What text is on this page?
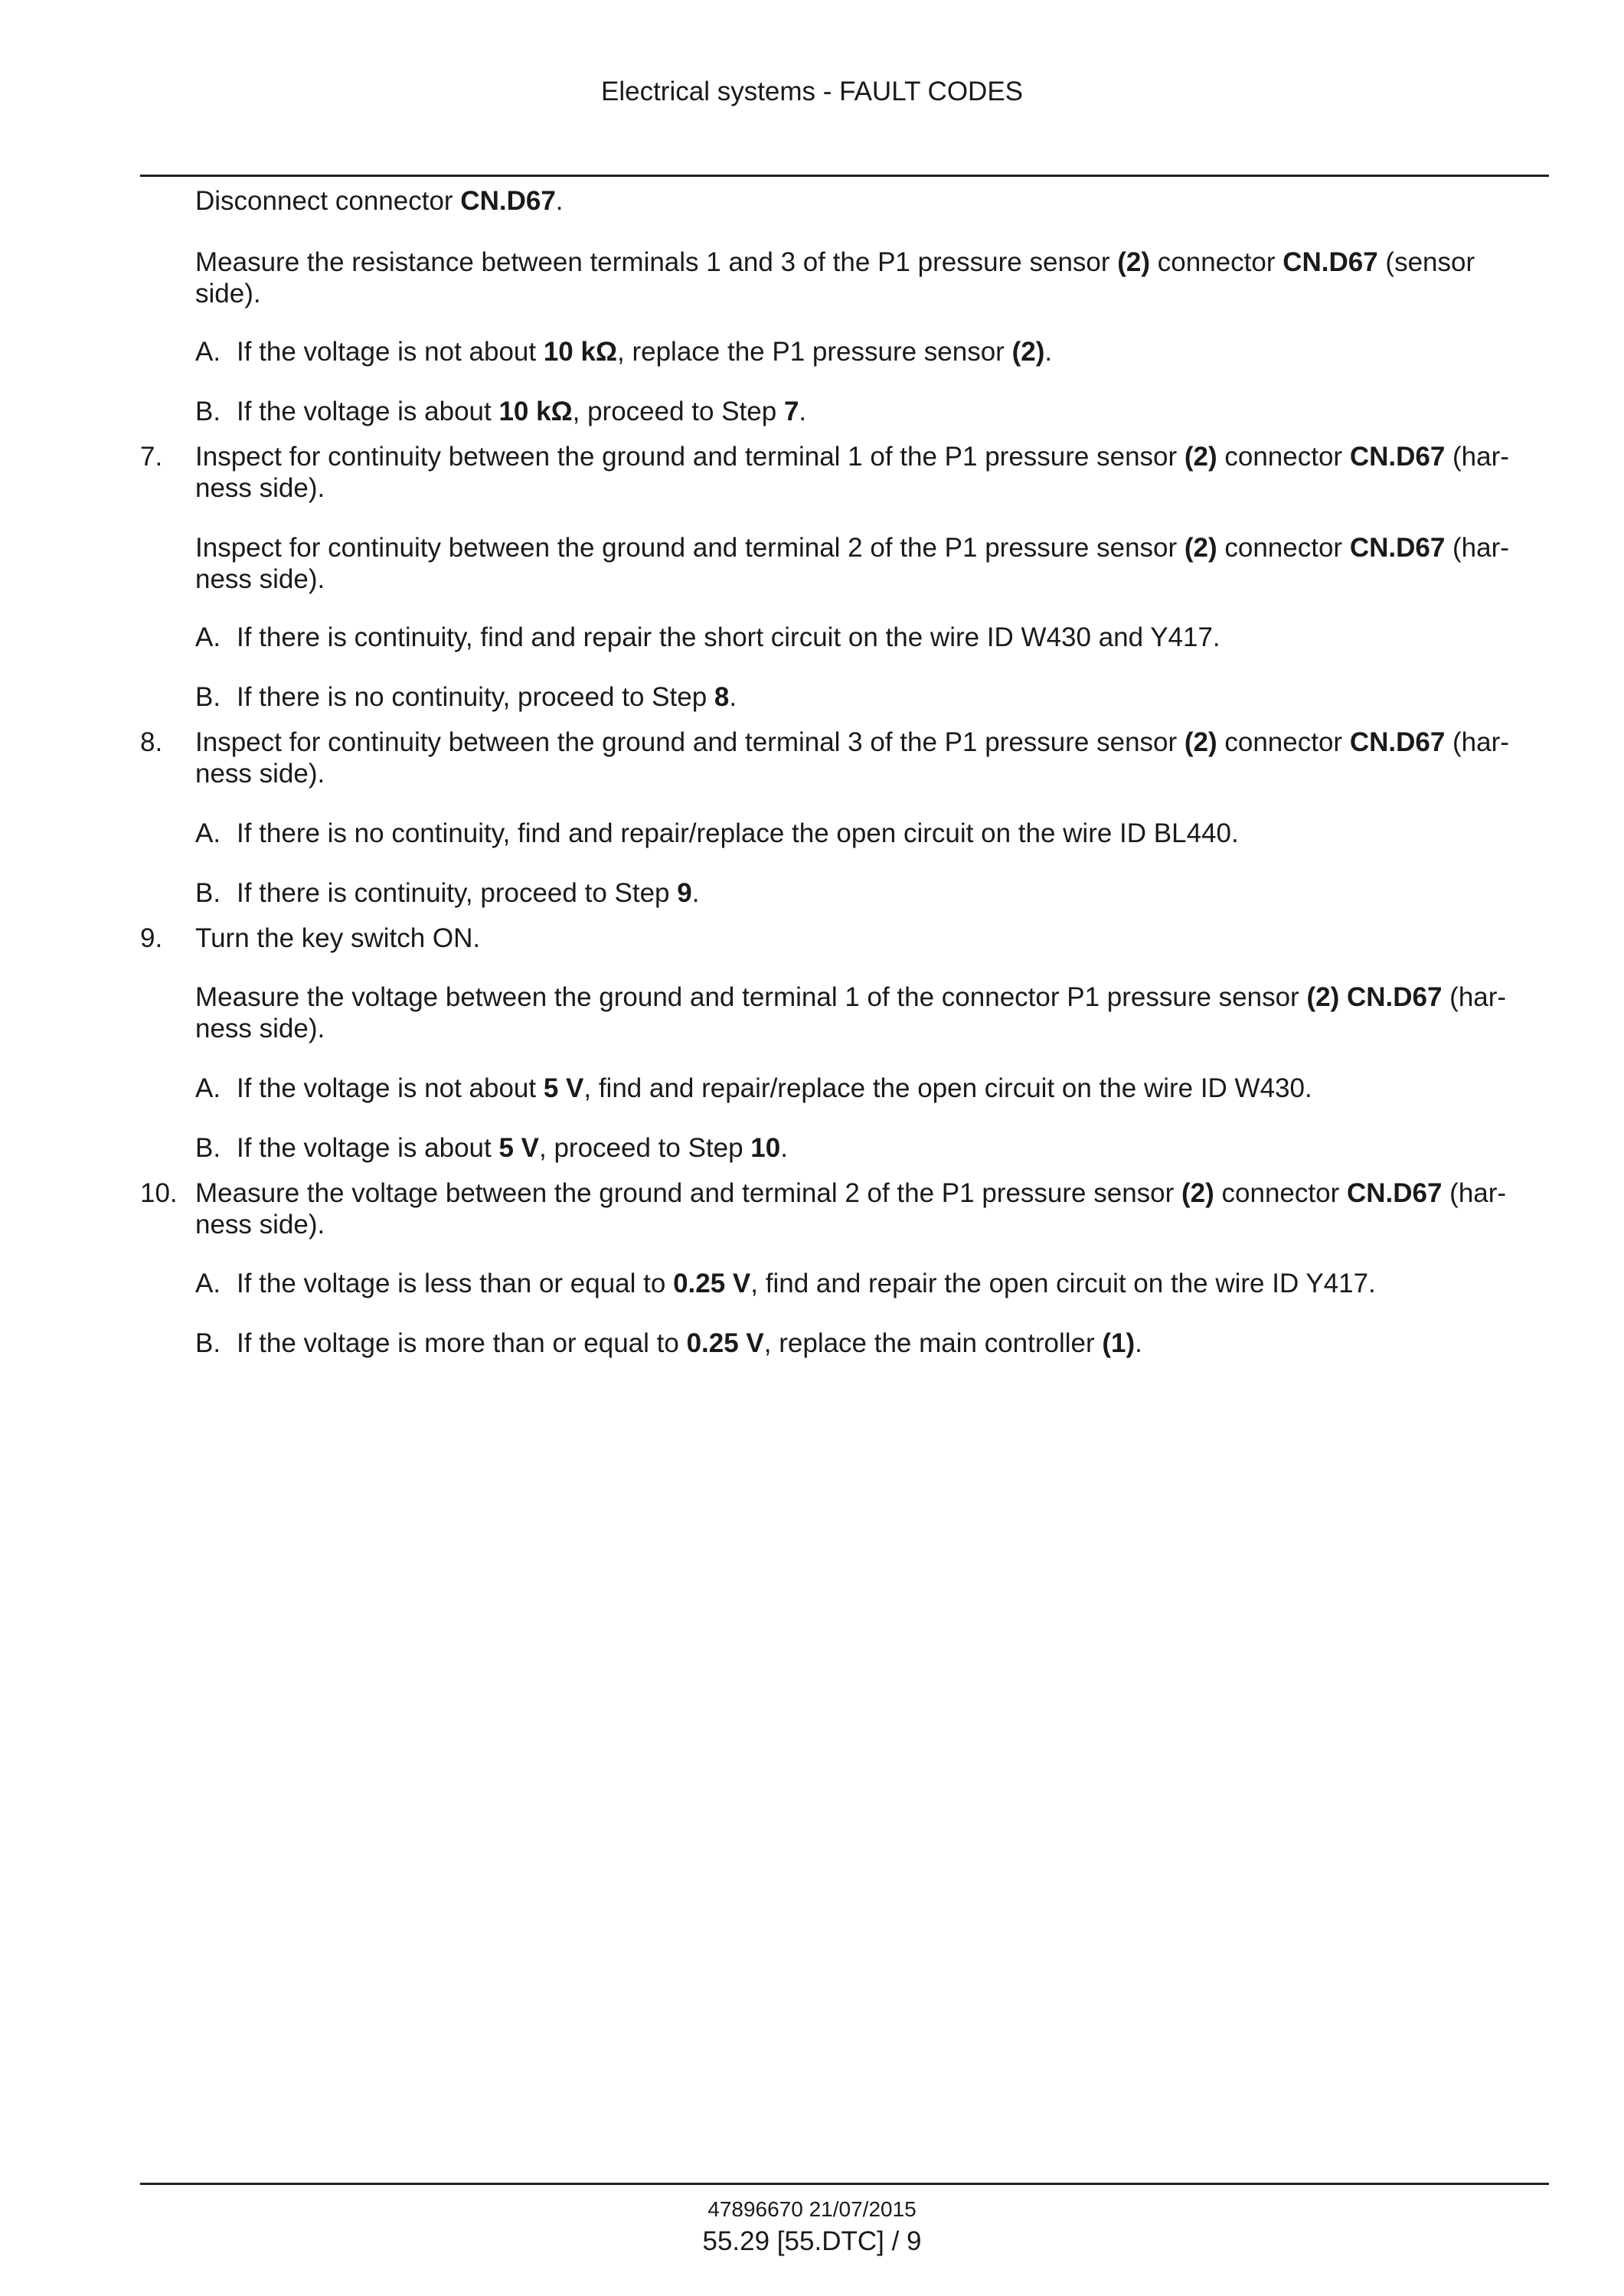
Electrical systems - FAULT CODES
Disconnect connector CN.D67.
Measure the resistance between terminals 1 and 3 of the P1 pressure sensor (2) connector CN.D67 (sensor
side).
A. If the voltage is not about 10 kΩ, replace the P1 pressure sensor (2).
B. If the voltage is about 10 kΩ, proceed to Step 7.
7.	Inspect for continuity between the ground and terminal 1 of the P1 pressure sensor (2) connector CN.D67 (har-
ness side).
Inspect for continuity between the ground and terminal 2 of the P1 pressure sensor (2) connector CN.D67 (har-
ness side).
A. If there is continuity, find and repair the short circuit on the wire ID W430 and Y417.
B. If there is no continuity, proceed to Step 8.
8.	Inspect for continuity between the ground and terminal 3 of the P1 pressure sensor (2) connector CN.D67 (har-
ness side).
A. If there is no continuity, find and repair/replace the open circuit on the wire ID BL440.
B. If there is continuity, proceed to Step 9.
9.	Turn the key switch ON.
Measure the voltage between the ground and terminal 1 of the connector P1 pressure sensor (2) CN.D67 (har-
ness side).
A. If the voltage is not about 5 V, find and repair/replace the open circuit on the wire ID W430.
B. If the voltage is about 5 V, proceed to Step 10.
10. Measure the voltage between the ground and terminal 2 of the P1 pressure sensor (2) connector CN.D67 (har-
ness side).
A. If the voltage is less than or equal to 0.25 V, find and repair the open circuit on the wire ID Y417.
B. If the voltage is more than or equal to 0.25 V, replace the main controller (1).
47896670 21/07/2015
55.29 [55.DTC] / 9
